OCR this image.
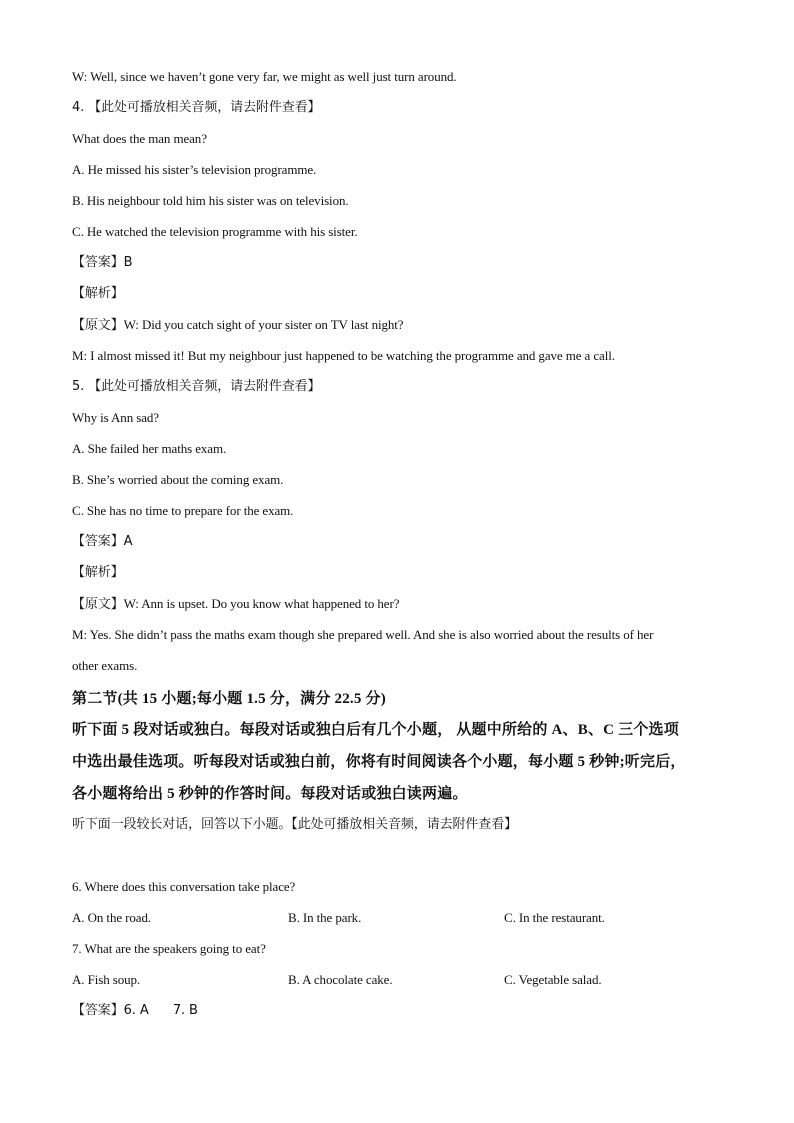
W: Well, since we haven’t gone very far, we might as well just turn around.
4. 【此处可播放相关音频，请去附件查看】
What does the man mean?
A. He missed his sister’s television programme.
B. His neighbour told him his sister was on television.
C. He watched the television programme with his sister.
【答案】B
【解析】
【原文】W: Did you catch sight of your sister on TV last night?
M: I almost missed it! But my neighbour just happened to be watching the programme and gave me a call.
5. 【此处可播放相关音频，请去附件查看】
Why is Ann sad?
A. She failed her maths exam.
B. She’s worried about the coming exam.
C. She has no time to prepare for the exam.
【答案】A
【解析】
【原文】W: Ann is upset. Do you know what happened to her?
M: Yes. She didn’t pass the maths exam though she prepared well. And she is also worried about the results of her
other exams.
第二节(共 15 小题;每小题 1.5 分，满分 22.5 分)
听下面 5 段对话或独白。每段对话或独白后有几个小题， 从题中所给的 A、B、C 三个选项
中选出最佳选项。听每段对话或独白前，你将有时间阅读各个小题，每小题 5 秒钟;听完后，
各小题将给出 5 秒钟的作答时间。每段对话或独白读两遍。
听下面一段较长对话，回答以下小题。【此处可播放相关音频，请去附件查看】
6. Where does this conversation take place?
A. On the road.	B. In the park.	C. In the restaurant.
7. What are the speakers going to eat?
A. Fish soup.	B. A chocolate cake.	C. Vegetable salad.
【答案】6. A      7. B
